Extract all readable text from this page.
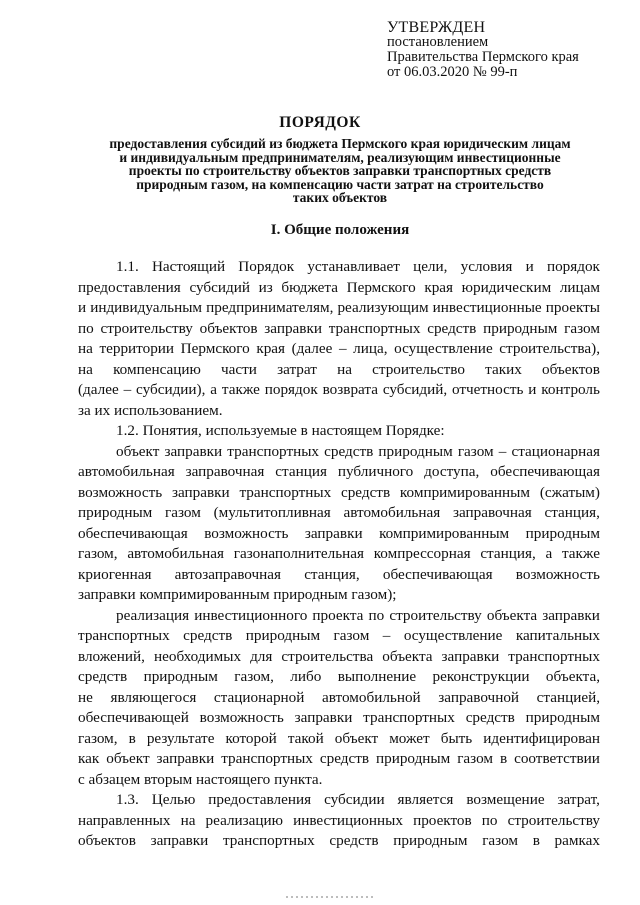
УТВЕРЖДЕН
постановлением
Правительства Пермского края
от 06.03.2020 № 99-п
ПОРЯДОК
предоставления субсидий из бюджета Пермского края юридическим лицам
и индивидуальным предпринимателям, реализующим инвестиционные
проекты по строительству объектов заправки транспортных средств
природным газом, на компенсацию части затрат на строительство
таких объектов
I. Общие положения
1.1. Настоящий Порядок устанавливает цели, условия и порядок
предоставления субсидий из бюджета Пермского края юридическим лицам
и индивидуальным предпринимателям, реализующим инвестиционные проекты
по строительству объектов заправки транспортных средств природным газом
на территории Пермского края (далее – лица, осуществление строительства),
на компенсацию части затрат на строительство таких объектов
(далее – субсидии), а также порядок возврата субсидий, отчетность и контроль
за их использованием.
1.2. Понятия, используемые в настоящем Порядке:
объект заправки транспортных средств природным газом – стационарная
автомобильная заправочная станция публичного доступа, обеспечивающая
возможность заправки транспортных средств компримированным (сжатым)
природным газом (мультитопливная автомобильная заправочная станция,
обеспечивающая возможность заправки компримированным природным
газом, автомобильная газонаполнительная компрессорная станция, а также
криогенная автозаправочная станция, обеспечивающая возможность
заправки компримированным природным газом);
реализация инвестиционного проекта по строительству объекта заправки
транспортных средств природным газом – осуществление капитальных
вложений, необходимых для строительства объекта заправки транспортных
средств природным газом, либо выполнение реконструкции объекта,
не являющегося стационарной автомобильной заправочной станцией,
обеспечивающей возможность заправки транспортных средств природным
газом, в результате которой такой объект может быть идентифицирован
как объект заправки транспортных средств природным газом в соответствии
с абзацем вторым настоящего пункта.
1.3. Целью предоставления субсидии является возмещение затрат,
направленных на реализацию инвестиционных проектов по строительству
объектов заправки транспортных средств природным газом в рамках
